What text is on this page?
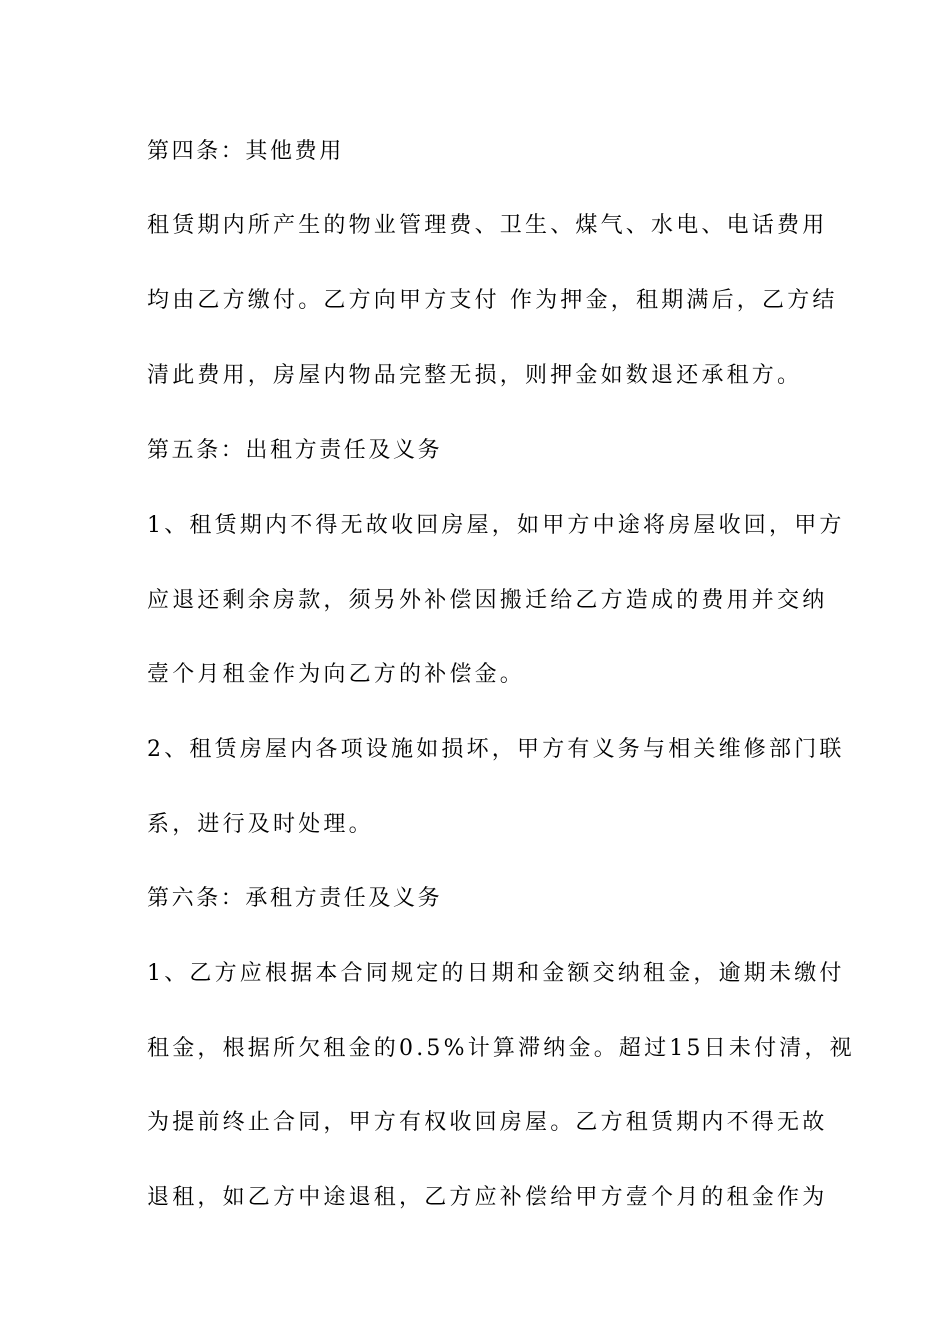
第四条：其他费用
租赁期内所产生的物业管理费、卫生、煤气、水电、电话费用
均由乙方缴付。乙方向甲方支付 作为押金，租期满后，乙方结
清此费用，房屋内物品完整无损，则押金如数退还承租方。
第五条：出租方责任及义务
1、租赁期内不得无故收回房屋，如甲方中途将房屋收回，甲方
应退还剩余房款，须另外补偿因搬迁给乙方造成的费用并交纳
壹个月租金作为向乙方的补偿金。
2、租赁房屋内各项设施如损坏，甲方有义务与相关维修部门联
系，进行及时处理。
第六条：承租方责任及义务
1、乙方应根据本合同规定的日期和金额交纳租金，逾期未缴付
租金，根据所欠租金的0.5%计算滞纳金。超过15日未付清，视
为提前终止合同，甲方有权收回房屋。乙方租赁期内不得无故
退租，如乙方中途退租，乙方应补偿给甲方壹个月的租金作为
